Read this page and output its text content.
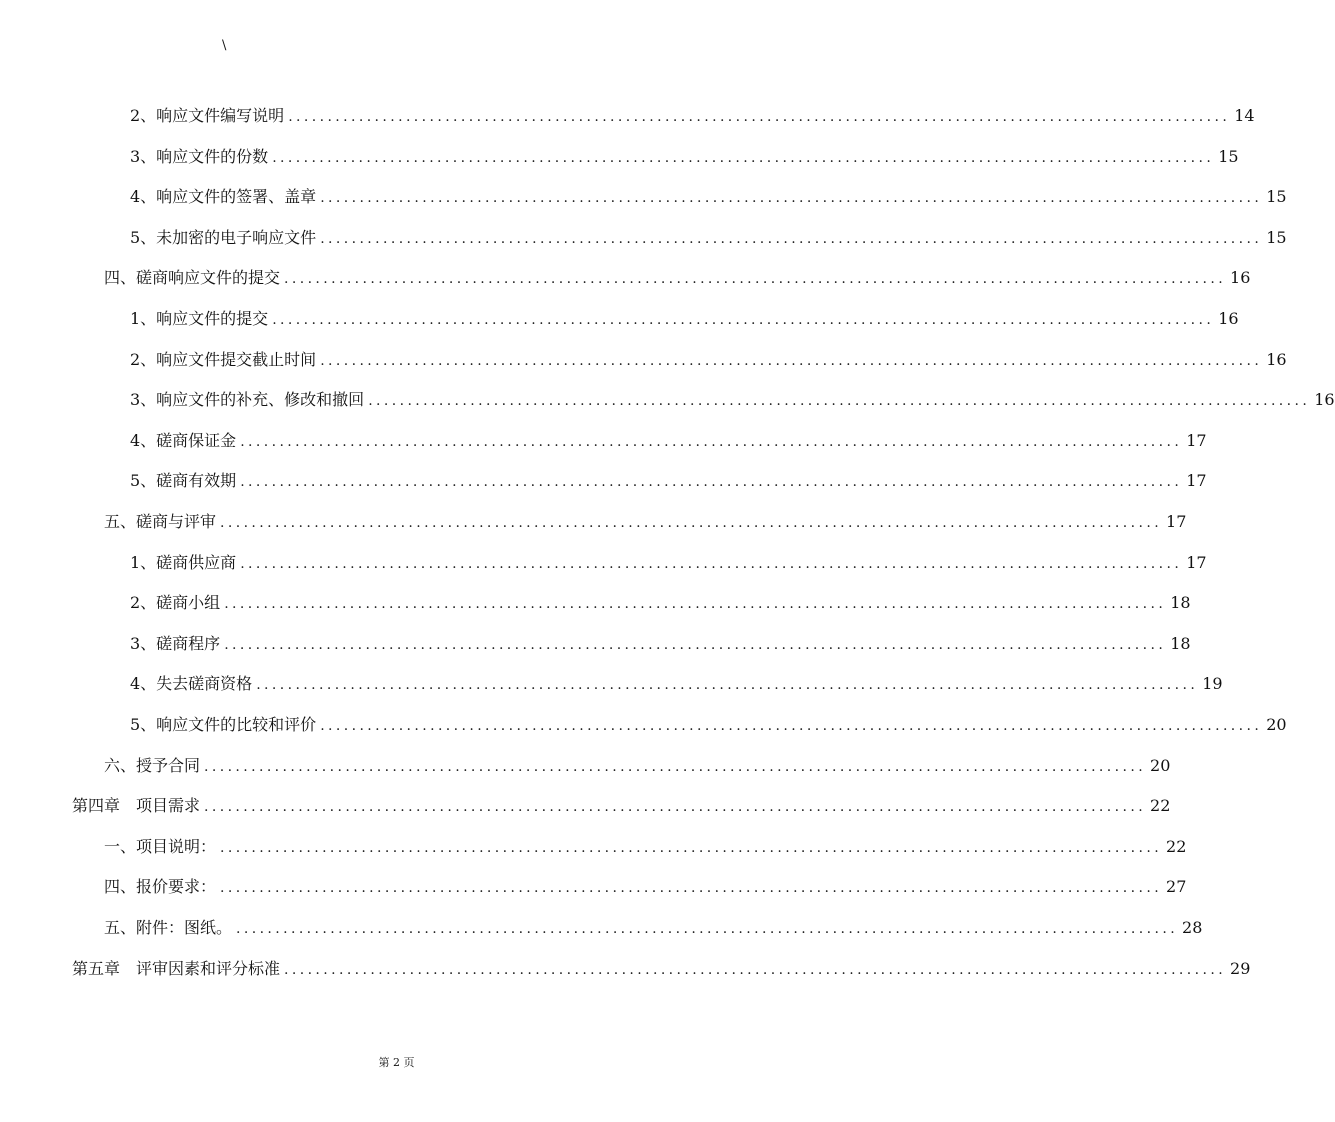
\
2、响应文件编写说明 ........................................................................................................................ 14
3、响应文件的份数 ........................................................................................................................ 15
4、响应文件的签署、盖章 ........................................................................................................................ 15
5、未加密的电子响应文件 ........................................................................................................................ 15
四、磋商响应文件的提交 ........................................................................................................................ 16
1、响应文件的提交 ........................................................................................................................ 16
2、响应文件提交截止时间 ........................................................................................................................ 16
3、响应文件的补充、修改和撤回 ........................................................................................................................ 16
4、磋商保证金 ........................................................................................................................ 17
5、磋商有效期 ........................................................................................................................ 17
五、磋商与评审 ........................................................................................................................ 17
1、磋商供应商 ........................................................................................................................ 17
2、磋商小组 ........................................................................................................................ 18
3、磋商程序 ........................................................................................................................ 18
4、失去磋商资格 ........................................................................................................................ 19
5、响应文件的比较和评价 ........................................................................................................................ 20
六、授予合同 ........................................................................................................................ 20
第四章　项目需求 ........................................................................................................................ 22
一、项目说明： ........................................................................................................................ 22
四、报价要求： ........................................................................................................................ 27
五、附件：图纸。 ........................................................................................................................ 28
第五章　评审因素和评分标准 ........................................................................................................................ 29
第 2 页
